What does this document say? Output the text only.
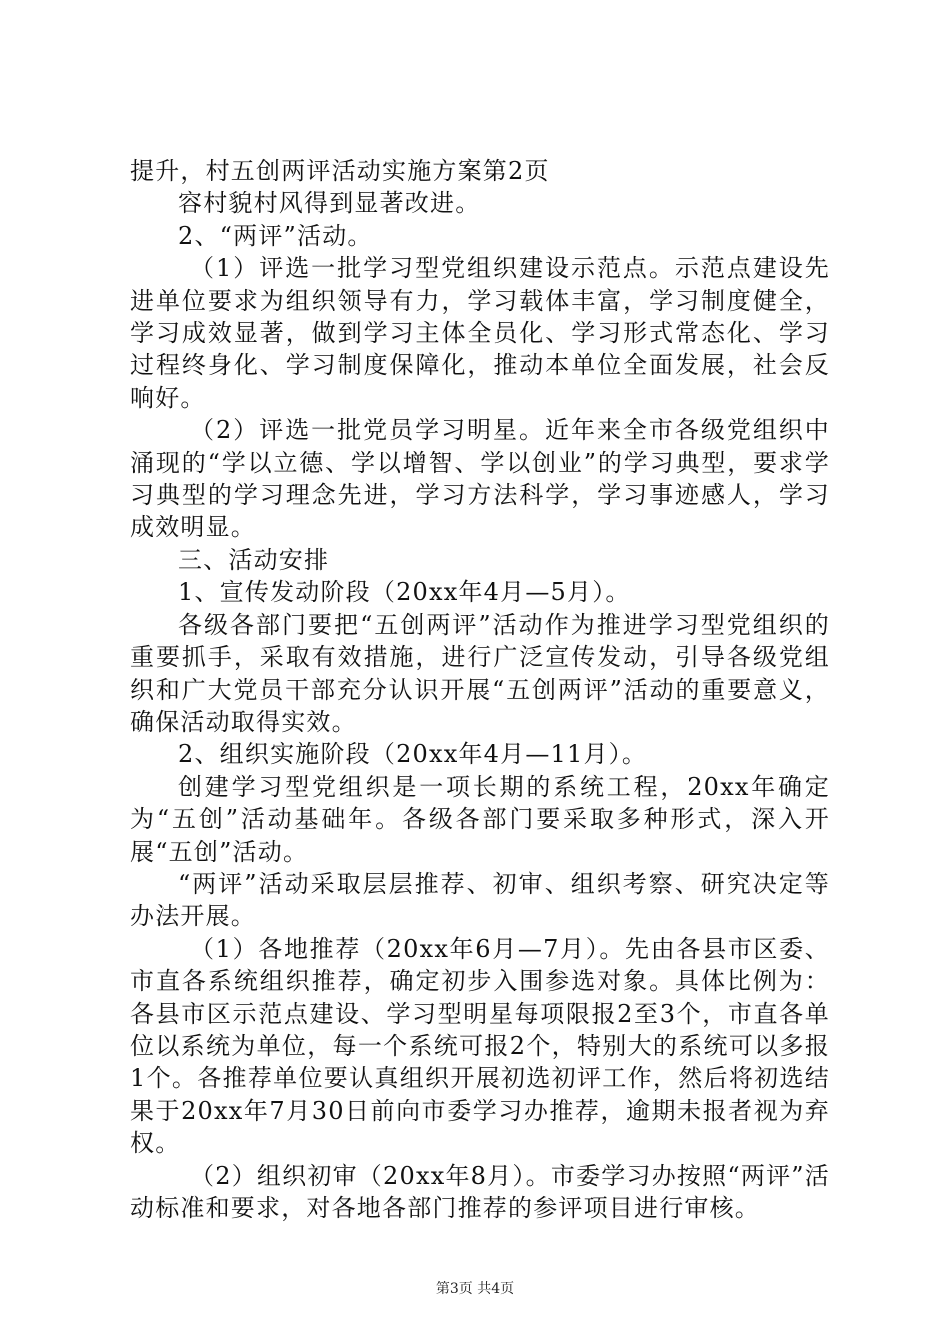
提升，村五创两评活动实施方案第2页

容村貌村风得到显著改进。

2、“两评”活动。

（1）评选一批学习型党组织建设示范点。示范点建设先进单位要求为组织领导有力，学习载体丰富，学习制度健全，学习成效显著，做到学习主体全员化、学习形式常态化、学习过程终身化、学习制度保障化，推动本单位全面发展，社会反响好。

（2）评选一批党员学习明星。近年来全市各级党组织中涌现的“学以立德、学以增智、学以创业”的学习典型，要求学习典型的学习理念先进，学习方法科学，学习事迹感人，学习成效明显。

三、活动安排

1、宣传发动阶段（20xx年4月—5月）。

各级各部门要把“五创两评”活动作为推进学习型党组织的重要抓手，采取有效措施，进行广泛宣传发动，引导各级党组织和广大党员干部充分认识开展“五创两评”活动的重要意义，确保活动取得实效。

2、组织实施阶段（20xx年4月—11月）。

创建学习型党组织是一项长期的系统工程，20xx年确定为“五创”活动基础年。各级各部门要采取多种形式，深入开展“五创”活动。

“两评”活动采取层层推荐、初审、组织考察、研究决定等办法开展。

（1）各地推荐（20xx年6月—7月）。先由各县市区委、市直各系统组织推荐，确定初步入围参选对象。具体比例为：各县市区示范点建设、学习型明星每项限报2至3个，市直各单位以系统为单位，每一个系统可报2个，特别大的系统可以多报1个。各推荐单位要认真组织开展初选初评工作，然后将初选结果于20xx年7月30日前向市委学习办推荐，逾期未报者视为弃权。

（2）组织初审（20xx年8月）。市委学习办按照“两评”活动标准和要求，对各地各部门推荐的参评项目进行审核。

第3页 共4页
